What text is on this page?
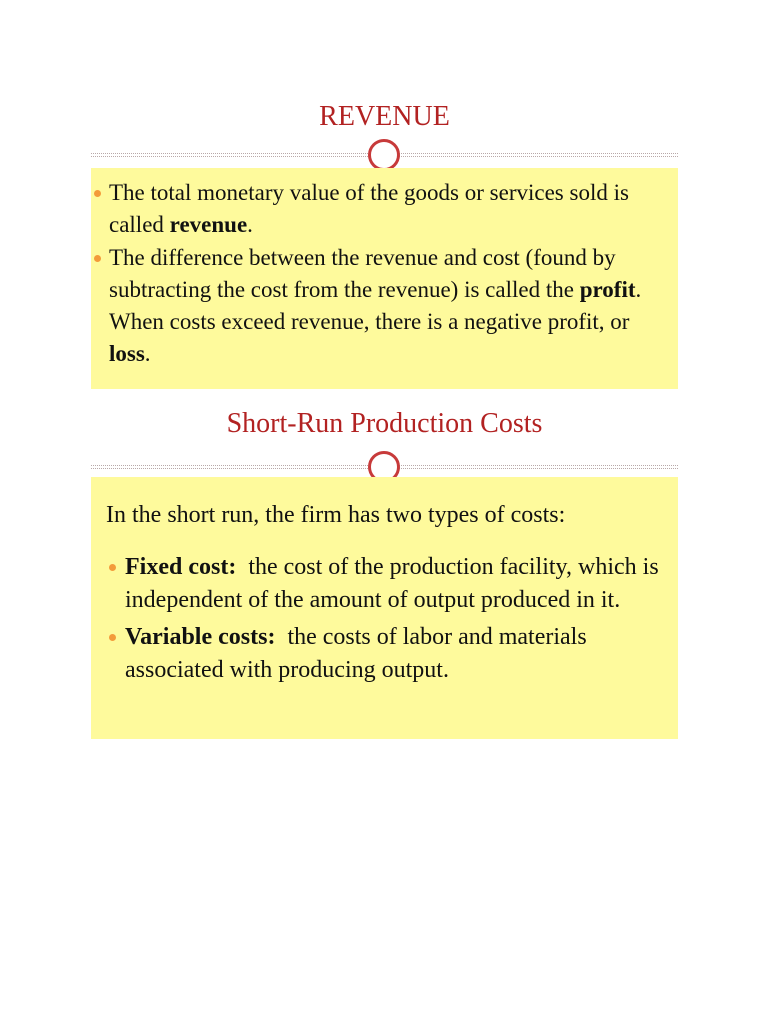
REVENUE
The total monetary value of the goods or services sold is called revenue.
The difference between the revenue and cost (found by subtracting the cost from the revenue) is called the profit. When costs exceed revenue, there is a negative profit, or loss.
Short-Run Production Costs
In the short run, the firm has two types of costs:
Fixed cost:  the cost of the production facility, which is independent of the amount of output produced in it.
Variable costs:  the costs of labor and materials associated with producing output.
